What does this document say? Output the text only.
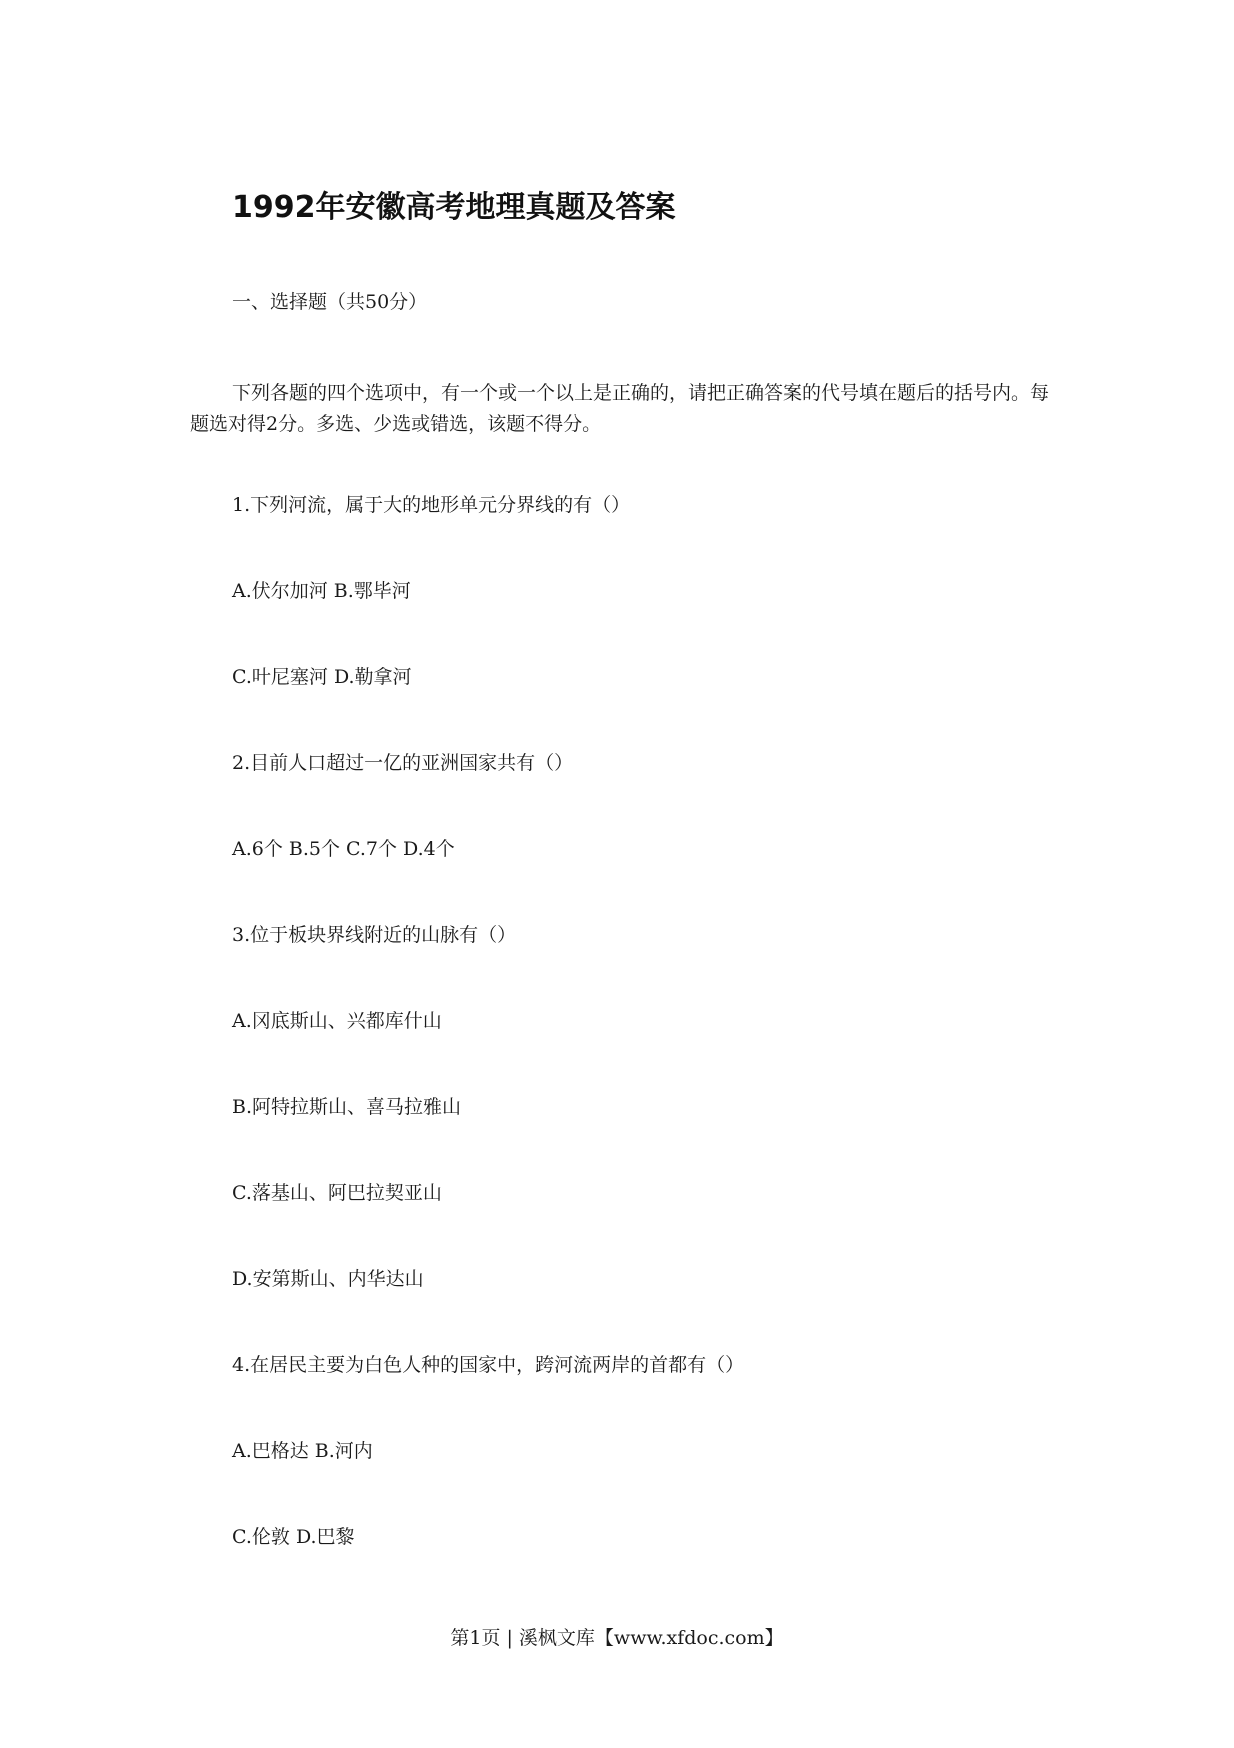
1992年安徽高考地理真题及答案
一、选择题（共50分）
下列各题的四个选项中，有一个或一个以上是正确的，请把正确答案的代号填在题后的括号内。每题选对得2分。多选、少选或错选，该题不得分。
1.下列河流，属于大的地形单元分界线的有（）
A.伏尔加河 B.鄂毕河
C.叶尼塞河 D.勒拿河
2.目前人口超过一亿的亚洲国家共有（）
A.6个 B.5个 C.7个 D.4个
3.位于板块界线附近的山脉有（）
A.冈底斯山、兴都库什山
B.阿特拉斯山、喜马拉雅山
C.落基山、阿巴拉契亚山
D.安第斯山、内华达山
4.在居民主要为白色人种的国家中，跨河流两岸的首都有（）
A.巴格达 B.河内
C.伦敦 D.巴黎
第1页 | 溪枫文库【www.xfdoc.com】
